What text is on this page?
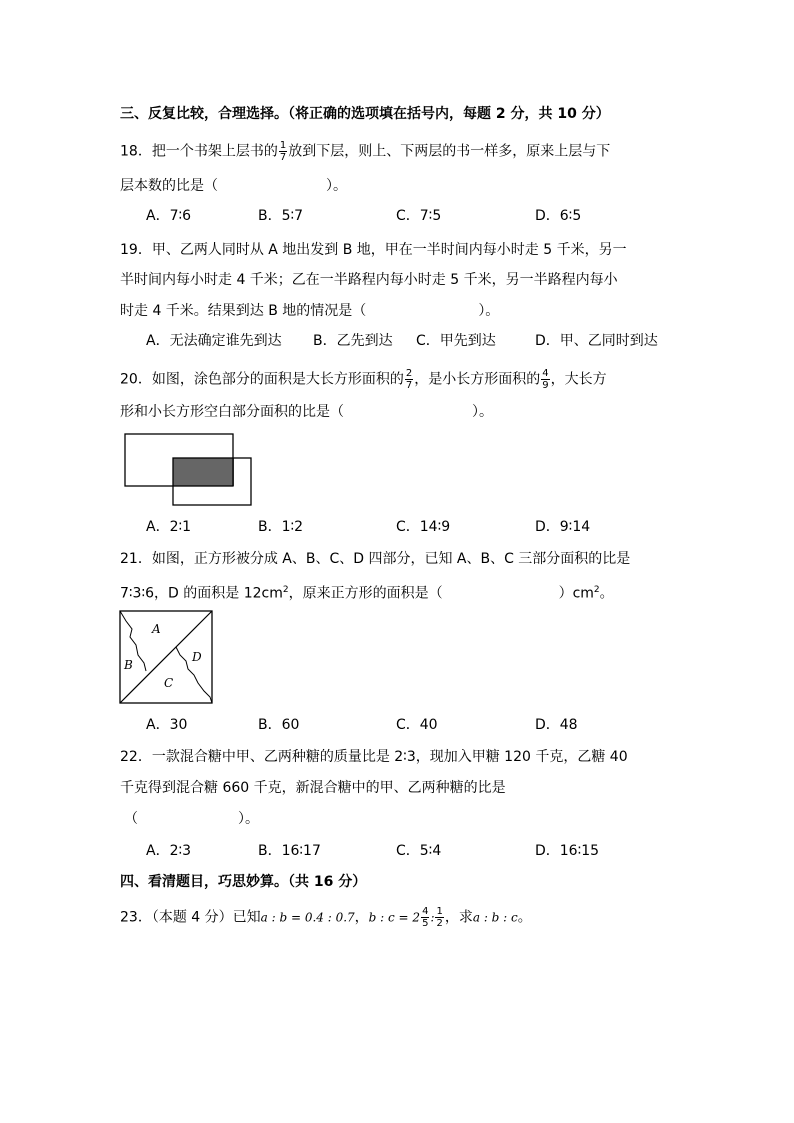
三、反复比较，合理选择。（将正确的选项填在括号内，每题 2 分，共 10 分）
18．把一个书架上层书的 $\frac{1}{7}$ 放到下层，则上、下两层的书一样多，原来上层与下
层本数的比是（	）。
A．7∶6	B．5∶7	C．7∶5	D．6∶5
19．甲、乙两人同时从 A 地出发到 B 地，甲在一半时间内每小时走 5 千米，另一
半时间内每小时走 4 千米；乙在一半路程内每小时走 5 千米，另一半路程内每小
时走 4 千米。结果到达 B 地的情况是（	）。
A．无法确定谁先到达 B．乙先到达 C．甲先到达	D．甲、乙同时到达
20．如图，涂色部分的面积是大长方形面积的 $\frac{2}{7}$ ，是小长方形面积的 $\frac{4}{9}$ ，大长方
形和小长方形空白部分面积的比是（	）。
A．2∶1	B．1∶2	C．14∶9	D．9∶14
21．如图，正方形被分成 A、B、C、D 四部分，已知 A、B、C 三部分面积的比是
7∶3∶6，D 的面积是 $12cm^2$，原来正方形的面积是（	）$cm^2$。
A
B
C
D
A．30	B．60	C．40	D．48
22．一款混合糖中甲、乙两种糖的质量比是 2∶3，现加入甲糖 120 千克，乙糖 40
千克得到混合糖 660 千克，新混合糖中的甲、乙两种糖的比是
（	）。
A．2∶3	B．16∶17	C．5∶4	D．16∶15
四、看清题目，巧思妙算。（共 16 分）
23．（本题 4 分）已知a : b = 0.4 : 0.7，b : $c = 2 \frac{4}{5}$ : $\frac{1}{2}$ ，求a : b : c。
